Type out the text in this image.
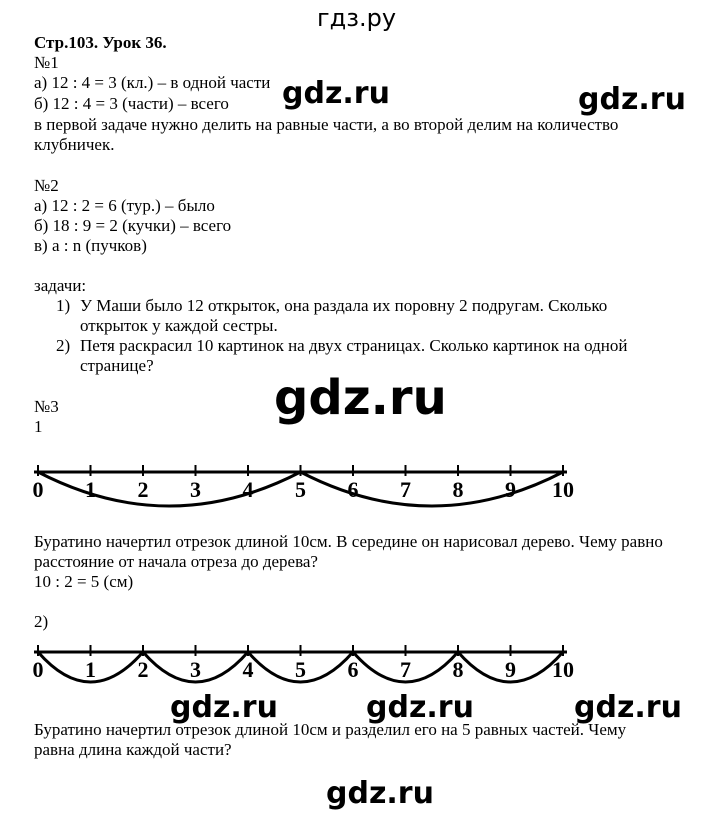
гдз.ру
Стр.103. Урок 36.
№1
а) 12 : 4 = 3 (кл.) – в одной части
б) 12 : 4 = 3 (части) – всего
в первой задаче нужно делить на равные части, а во второй делим на количество
клубничек.
gdz.ru	gdz.ru
№2
а) 12 : 2 = 6 (тур.) – было
б) 18 : 9 = 2 (кучки) – всего
в) а : n (пучков)
задачи:
1) У Маши было 12 открыток, она раздала их поровну 2 подругам. Сколько
открыток у каждой сестры.
2) Петя раскрасил 10 картинок на двух страницах. Сколько картинок на одной
странице?
gdz.ru
№3
1
0 1 2 3 4 5 6 7 8 9 10
Буратино начертил отрезок длиной 10см. В середине он нарисовал дерево. Чему равно
расстояние от начала отреза до дерева?
10 : 2 = 5 (см)
2)
0 1 2 3 4 5 6 7 8 9 10
gdz.ru	gdz.ru	gdz.ru
Буратино начертил отрезок длиной 10см и разделил его на 5 равных частей. Чему
равна длина каждой части?
gdz.ru
